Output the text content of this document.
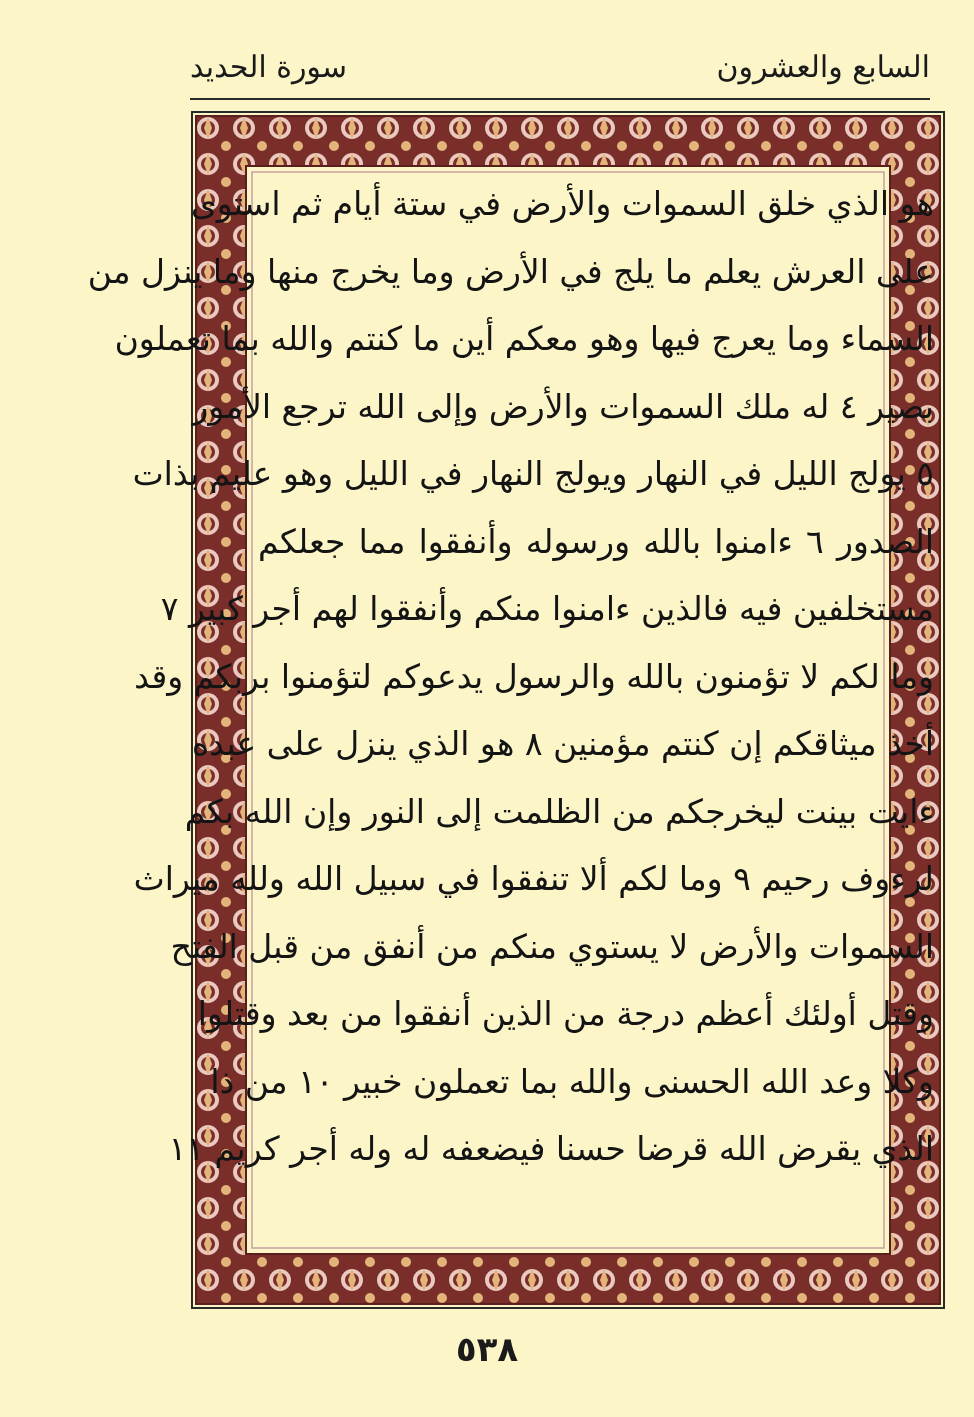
السابع والعشرون
سورة الحديد
هو الذي خلق السموات والأرض في ستة أيام ثم استوى
على العرش يعلم ما يلج في الأرض وما يخرج منها وما ينزل من
السماء وما يعرج فيها وهو معكم أين ما كنتم والله بما تعملون
بصير ٤ له ملك السموات والأرض وإلى الله ترجع الأمور
٥ يولج الليل في النهار ويولج النهار في الليل وهو عليم بذات
الصدور ٦ ءامنوا بالله ورسوله وأنفقوا مما جعلكم
مستخلفين فيه فالذين ءامنوا منكم وأنفقوا لهم أجر كبير ٧
وما لكم لا تؤمنون بالله والرسول يدعوكم لتؤمنوا بربكم وقد
أخذ ميثاقكم إن كنتم مؤمنين ٨ هو الذي ينزل على عبده
ءايت بينت ليخرجكم من الظلمت إلى النور وإن الله بكم
لرءوف رحيم ٩ وما لكم ألا تنفقوا في سبيل الله ولله ميراث
السموات والأرض لا يستوي منكم من أنفق من قبل الفتح
وقتل أولئك أعظم درجة من الذين أنفقوا من بعد وقتلوا
وكلا وعد الله الحسنى والله بما تعملون خبير ١٠ من ذا
الذي يقرض الله قرضا حسنا فيضعفه له وله أجر كريم ١١
٥٣٨
